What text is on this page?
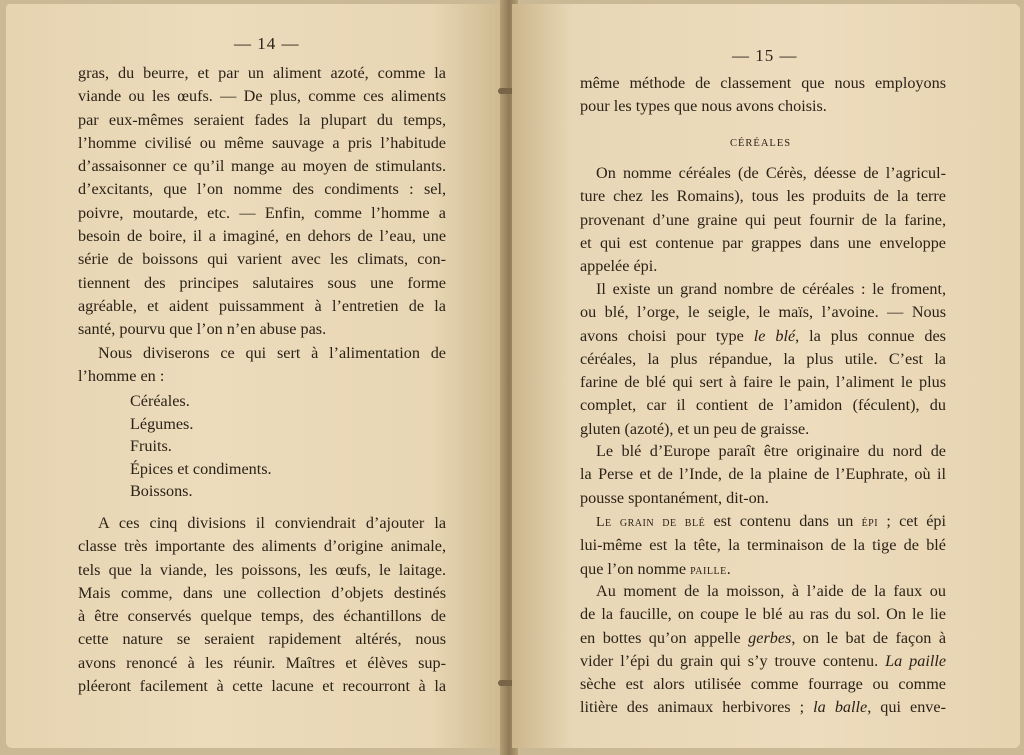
— 14 —
gras, du beurre, et par un aliment azoté, comme la
viande ou les œufs. — De plus, comme ces aliments
par eux-mêmes seraient fades la plupart du temps,
l’homme civilisé ou même sauvage a pris l’habitude
d’assaisonner ce qu’il mange au moyen de stimulants.
d’excitants, que l’on nomme des condiments : sel,
poivre, moutarde, etc. — Enfin, comme l’homme a
besoin de boire, il a imaginé, en dehors de l’eau, une
série de boissons qui varient avec les climats, con-
tiennent des principes salutaires sous une forme
agréable, et aident puissamment à l’entretien de la
santé, pourvu que l’on n’en abuse pas.
Nous diviserons ce qui sert à l’alimentation de
l’homme en :
Céréales.
Légumes.
Fruits.
Épices et condiments.
Boissons.
A ces cinq divisions il conviendrait d’ajouter la
classe très importante des aliments d’origine animale,
tels que la viande, les poissons, les œufs, le laitage.
Mais comme, dans une collection d’objets destinés
à être conservés quelque temps, des échantillons de
cette nature se seraient rapidement altérés, nous
avons renoncé à les réunir. Maîtres et élèves sup-
pléeront facilement à cette lacune et recourront à la
— 15 —
même méthode de classement que nous employons
pour les types que nous avons choisis.
CÉRÉALES
On nomme céréales (de Cérès, déesse de l’agricul-
ture chez les Romains), tous les produits de la terre
provenant d’une graine qui peut fournir de la farine,
et qui est contenue par grappes dans une enveloppe
appelée épi.
Il existe un grand nombre de céréales : le froment,
ou blé, l’orge, le seigle, le maïs, l’avoine. — Nous
avons choisi pour type le blé, la plus connue des
céréales, la plus répandue, la plus utile. C’est la
farine de blé qui sert à faire le pain, l’aliment le plus
complet, car il contient de l’amidon (féculent), du
gluten (azoté), et un peu de graisse.
Le blé d’Europe paraît être originaire du nord de
la Perse et de l’Inde, de la plaine de l’Euphrate, où il
pousse spontanément, dit-on.
Le grain de blé est contenu dans un épi ; cet épi
lui-même est la tête, la terminaison de la tige de blé
que l’on nomme paille.
Au moment de la moisson, à l’aide de la faux ou
de la faucille, on coupe le blé au ras du sol. On le lie
en bottes qu’on appelle gerbes, on le bat de façon à
vider l’épi du grain qui s’y trouve contenu. La paille
sèche est alors utilisée comme fourrage ou comme
litière des animaux herbivores ; la balle, qui enve-
